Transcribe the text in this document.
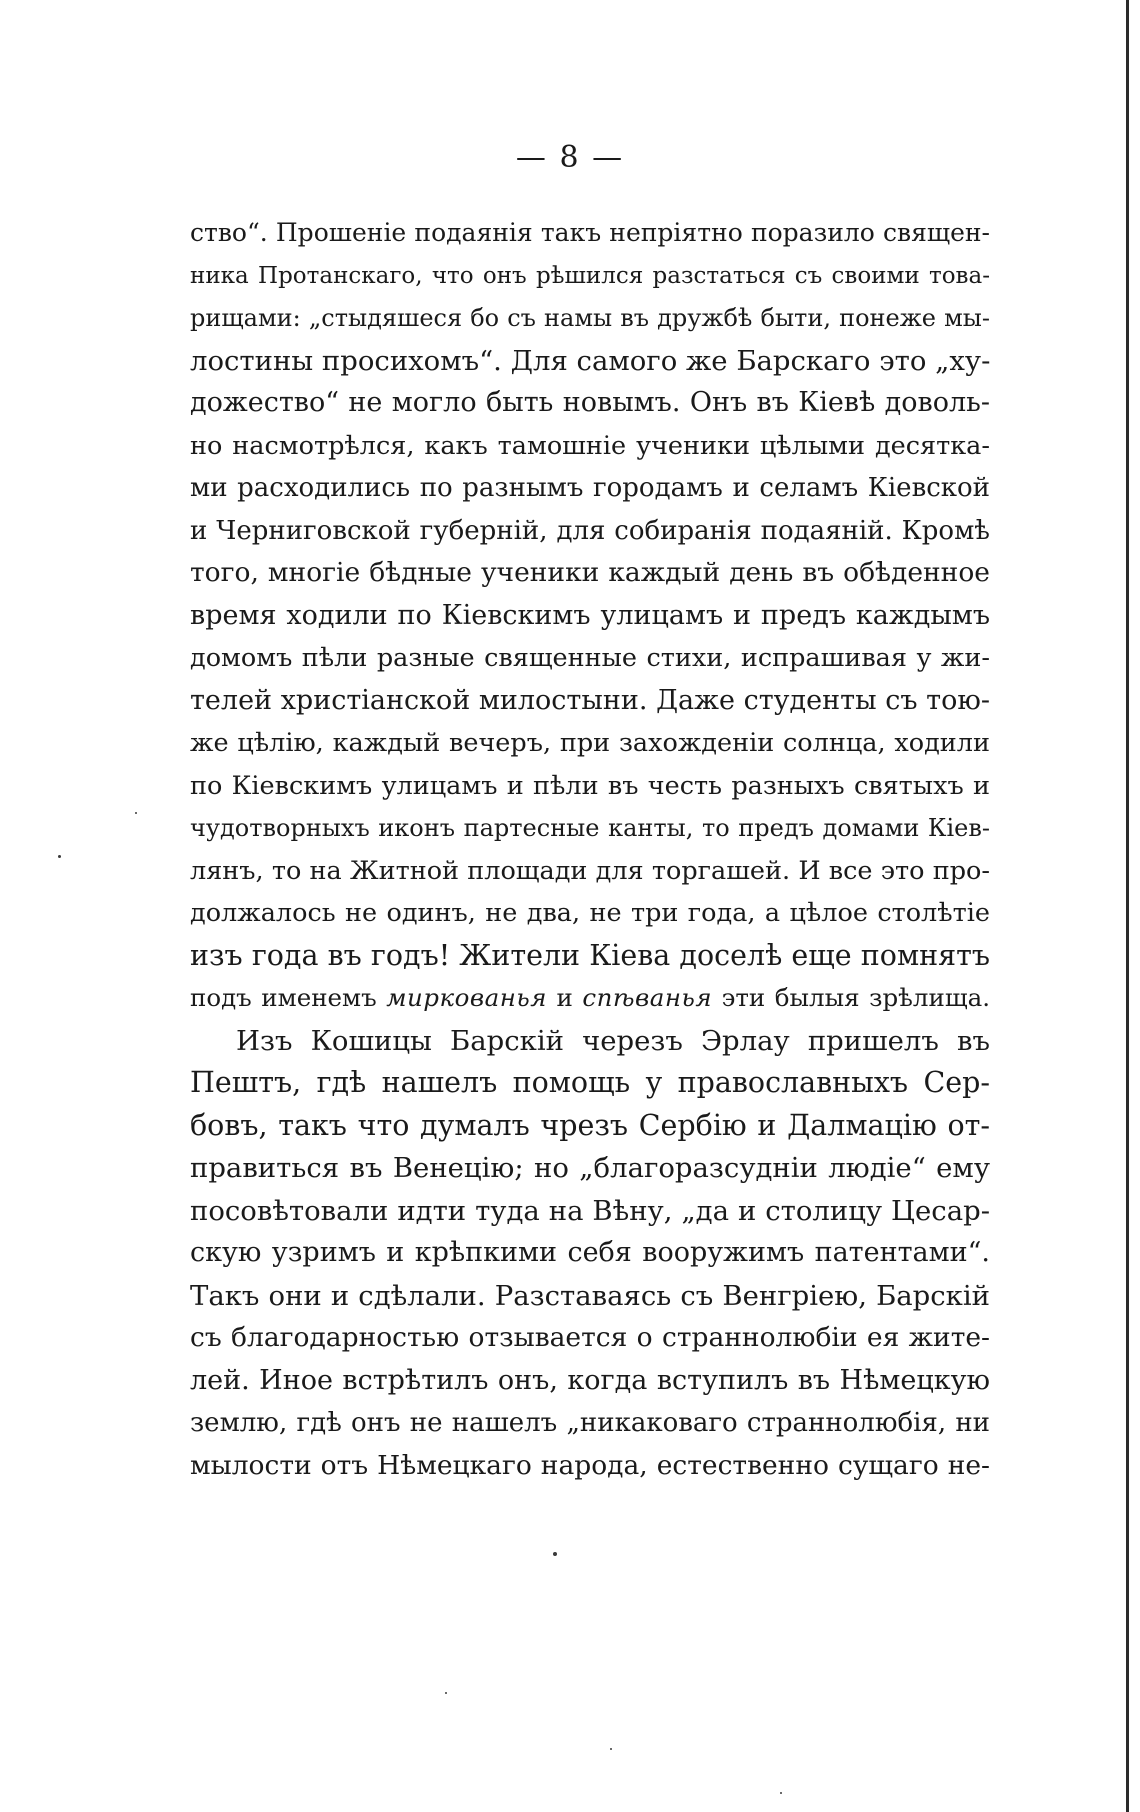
— 8 —
ство“. Прошеніе подаянія такъ непріятно поразило священ-
ника Протанскаго, что онъ рѣшился разстаться съ своими това-
рищами: „стыдяшеся бо съ намы въ дружбѣ быти, понеже мы-
лостины просихомъ“. Для самого же Барскаго это „ху-
дожество“ не могло быть новымъ. Онъ въ Кіевѣ доволь-
но насмотрѣлся, какъ тамошніе ученики цѣлыми десятка-
ми расходились по разнымъ городамъ и селамъ Кіевской
и Черниговской губерній, для собиранія подаяній. Кромѣ
того, многіе бѣдные ученики каждый день въ обѣденное
время ходили по Кіевскимъ улицамъ и предъ каждымъ
домомъ пѣли разные священные стихи, испрашивая у жи-
телей христіанской милостыни. Даже студенты съ тою-
же цѣлію, каждый вечеръ, при захожденіи солнца, ходили
по Кіевскимъ улицамъ и пѣли въ честь разныхъ святыхъ и
чудотворныхъ иконъ партесные канты, то предъ домами Кіев-
лянъ, то на Житной площади для торгашей. И все это про-
должалось не одинъ, не два, не три года, а цѣлое столѣтіе
изъ года въ годъ! Жители Кіева доселѣ еще помнятъ
подъ именемъ миркованья и спѣванья эти былыя зрѣлища.
Изъ Кошицы Барскій черезъ Эрлау пришелъ въ
Пештъ, гдѣ нашелъ помощь у православныхъ Сер-
бовъ, такъ что думалъ чрезъ Сербію и Далмацію от-
правиться въ Венецію; но „благоразсудніи людіе“ ему
посовѣтовали идти туда на Вѣну, „да и столицу Цесар-
скую узримъ и крѣпкими себя вооружимъ патентами“.
Такъ они и сдѣлали. Разставаясь съ Венгріею, Барскій
съ благодарностью отзывается о страннолюбіи ея жите-
лей. Иное встрѣтилъ онъ, когда вступилъ въ Нѣмецкую
землю, гдѣ онъ не нашелъ „никаковаго страннолюбія, ни
мылости отъ Нѣмецкаго народа, естественно сущаго не-
